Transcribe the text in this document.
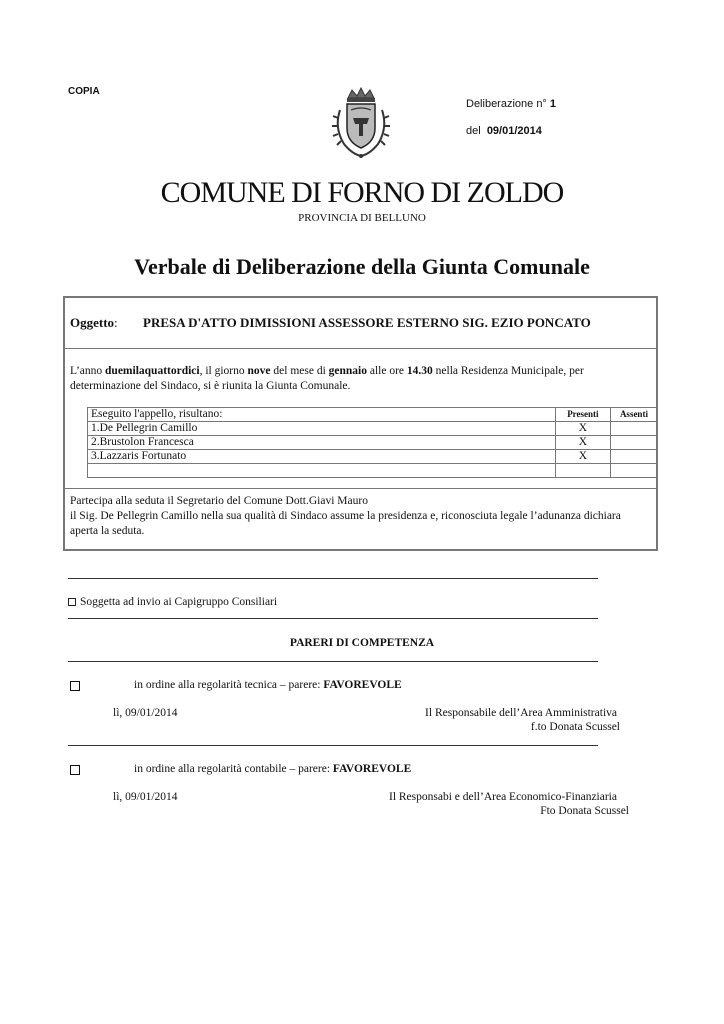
COPIA
Deliberazione n° 1
del 09/01/2014
COMUNE DI FORNO DI ZOLDO
PROVINCIA DI BELLUNO
Verbale di Deliberazione della Giunta Comunale
Oggetto: PRESA D'ATTO DIMISSIONI ASSESSORE ESTERNO SIG. EZIO PONCATO
L’anno duemilaquattordici, il giorno nove del mese di gennaio alle ore 14.30 nella Residenza Municipale, per determinazione del Sindaco, si è riunita la Giunta Comunale.
Eseguito l'appello, risultano:	Presenti	Assenti
1.De Pellegrin Camillo	X	
2.Brustolon Francesca	X	
3.Lazzaris Fortunato	X	

Partecipa alla seduta il Segretario del Comune Dott.Giavi Mauro
il Sig. De Pellegrin Camillo nella sua qualità di Sindaco assume la presidenza e, riconosciuta legale l’adunanza dichiara aperta la seduta.
Soggetta ad invio ai Capigruppo Consiliari
PARERI DI COMPETENZA
in ordine alla regolarità tecnica – parere: FAVOREVOLE
lì, 09/01/2014	Il Responsabile dell’Area Amministrativa
f.to Donata Scussel
in ordine alla regolarità contabile – parere: FAVOREVOLE
lì, 09/01/2014	Il Responsabi e dell’Area Economico-Finanziaria
Fto Donata Scussel
